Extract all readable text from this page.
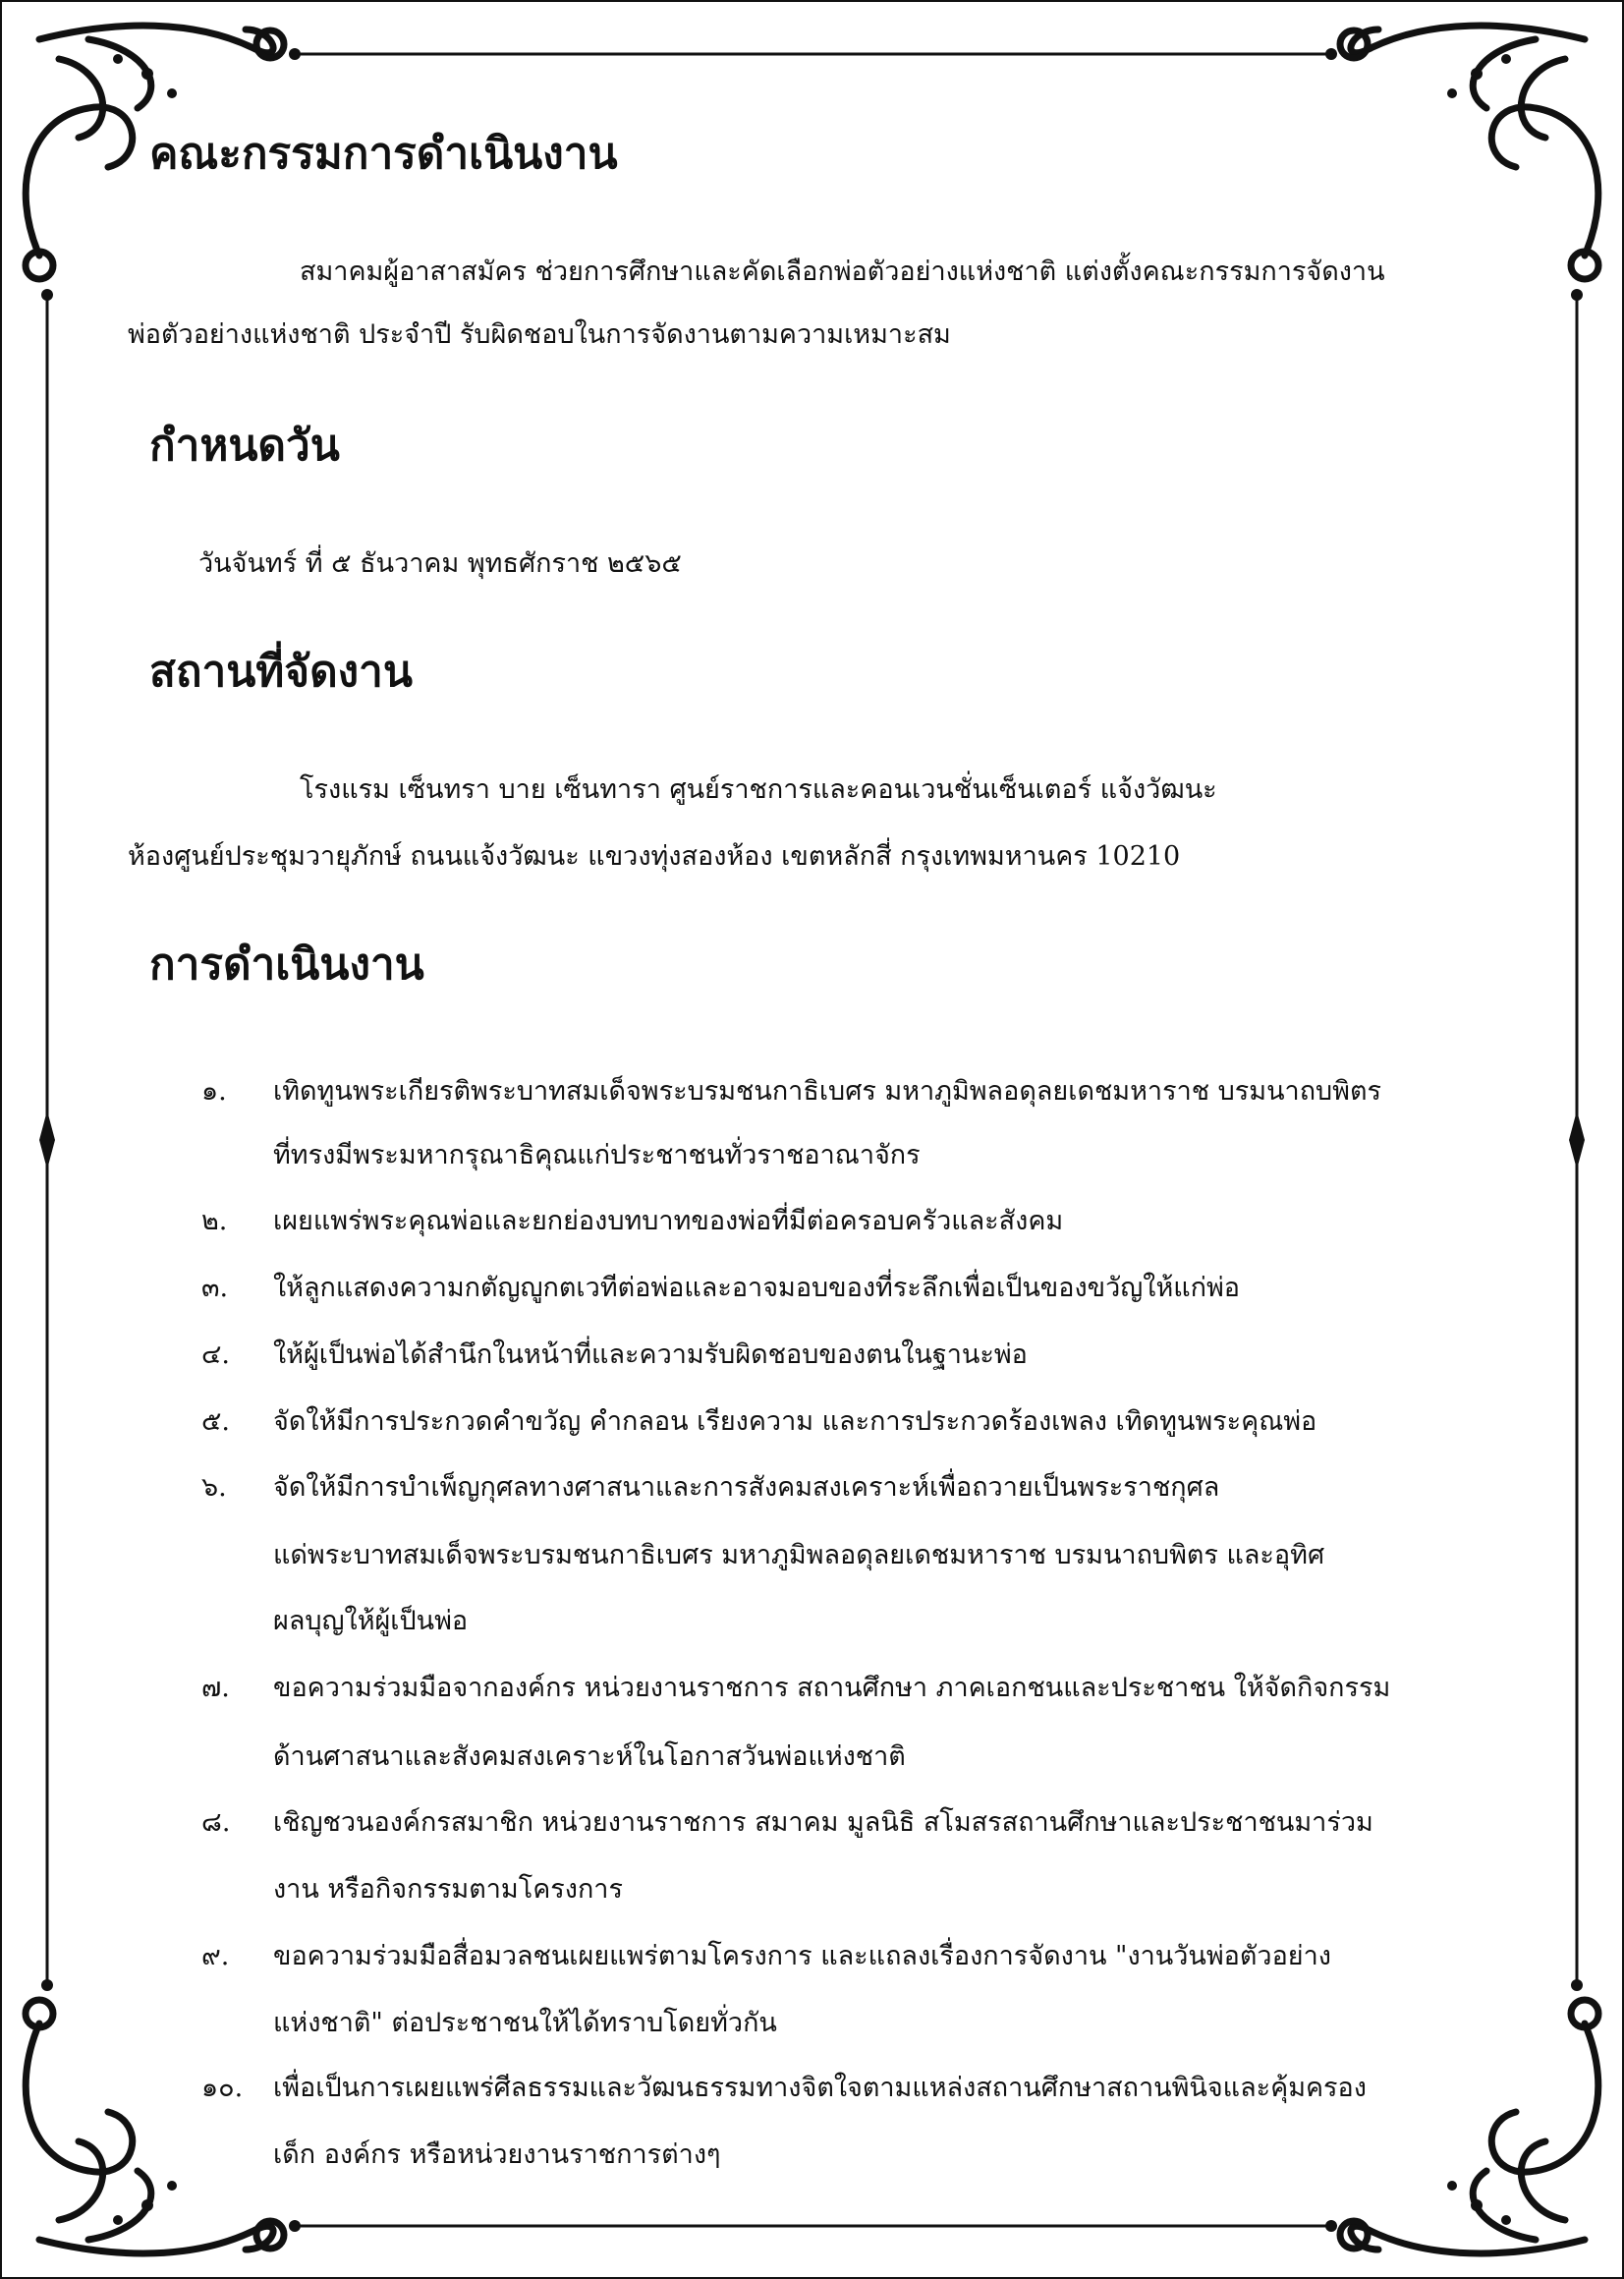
คณะกรรมการดำเนินงาน

สมาคมผู้อาสาสมัคร ช่วยการศึกษาและคัดเลือกพ่อตัวอย่างแห่งชาติ แต่งตั้งคณะกรรมการจัดงาน

พ่อตัวอย่างแห่งชาติ ประจำปี รับผิดชอบในการจัดงานตามความเหมาะสม

กำหนดวัน

วันจันทร์ ที่ ๕ ธันวาคม พุทธศักราช ๒๕๖๕

สถานที่จัดงาน

โรงแรม เซ็นทรา บาย เซ็นทารา ศูนย์ราชการและคอนเวนชั่นเซ็นเตอร์ แจ้งวัฒนะ

ห้องศูนย์ประชุมวายุภักษ์ ถนนแจ้งวัฒนะ แขวงทุ่งสองห้อง เขตหลักสี่ กรุงเทพมหานคร 10210

การดำเนินงาน
๑.	เทิดทูนพระเกียรติพระบาทสมเด็จพระบรมชนกาธิเบศร มหาภูมิพลอดุลยเดชมหาราช บรมนาถบพิตร
ที่ทรงมีพระมหากรุณาธิคุณแก่ประชาชนทั่วราชอาณาจักร
๒.	เผยแพร่พระคุณพ่อและยกย่องบทบาทของพ่อที่มีต่อครอบครัวและสังคม
๓.	ให้ลูกแสดงความกตัญญูกตเวทีต่อพ่อและอาจมอบของที่ระลึกเพื่อเป็นของขวัญให้แก่พ่อ
๔.	ให้ผู้เป็นพ่อได้สำนึกในหน้าที่และความรับผิดชอบของตนในฐานะพ่อ
๕.	จัดให้มีการประกวดคำขวัญ คำกลอน เรียงความ และการประกวดร้องเพลง เทิดทูนพระคุณพ่อ
๖.	จัดให้มีการบำเพ็ญกุศลทางศาสนาและการสังคมสงเคราะห์เพื่อถวายเป็นพระราชกุศล
แด่พระบาทสมเด็จพระบรมชนกาธิเบศร มหาภูมิพลอดุลยเดชมหาราช บรมนาถบพิตร และอุทิศ
ผลบุญให้ผู้เป็นพ่อ
๗.	ขอความร่วมมือจากองค์กร หน่วยงานราชการ สถานศึกษา ภาคเอกชนและประชาชน ให้จัดกิจกรรม
ด้านศาสนาและสังคมสงเคราะห์ในโอกาสวันพ่อแห่งชาติ
๘.	เชิญชวนองค์กรสมาชิก หน่วยงานราชการ สมาคม มูลนิธิ สโมสรสถานศึกษาและประชาชนมาร่วม
งาน หรือกิจกรรมตามโครงการ
๙.	ขอความร่วมมือสื่อมวลชนเผยแพร่ตามโครงการ และแถลงเรื่องการจัดงาน "งานวันพ่อตัวอย่าง
แห่งชาติ" ต่อประชาชนให้ได้ทราบโดยทั่วกัน
๑๐.	เพื่อเป็นการเผยแพร่ศีลธรรมและวัฒนธรรมทางจิตใจตามแหล่งสถานศึกษาสถานพินิจและคุ้มครอง
เด็ก องค์กร หรือหน่วยงานราชการต่างๆ
